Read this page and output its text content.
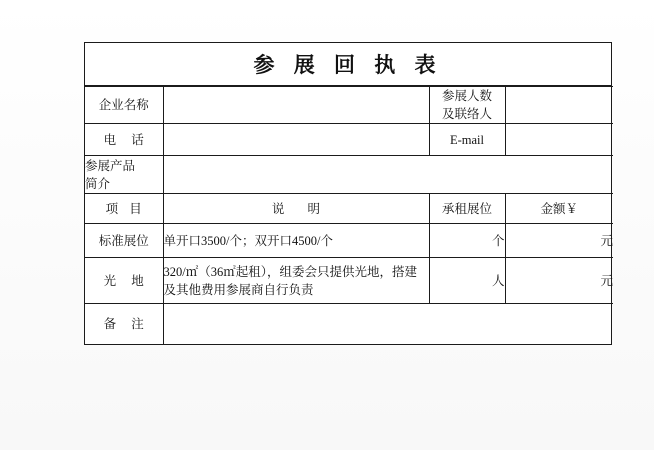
参 展 回 执 表
企业名称		参展人数
及联络人	

电 话		E-mail	

参展产品
简介			

项 目	说 明	承租展位	金额￥
标准展位	单开口3500/个；双开口4500/个	个	元
光 地	320/㎡（36㎡起租），组委会只提供光地，搭建及其他费用参展商自行负责	人	元
备 注			
